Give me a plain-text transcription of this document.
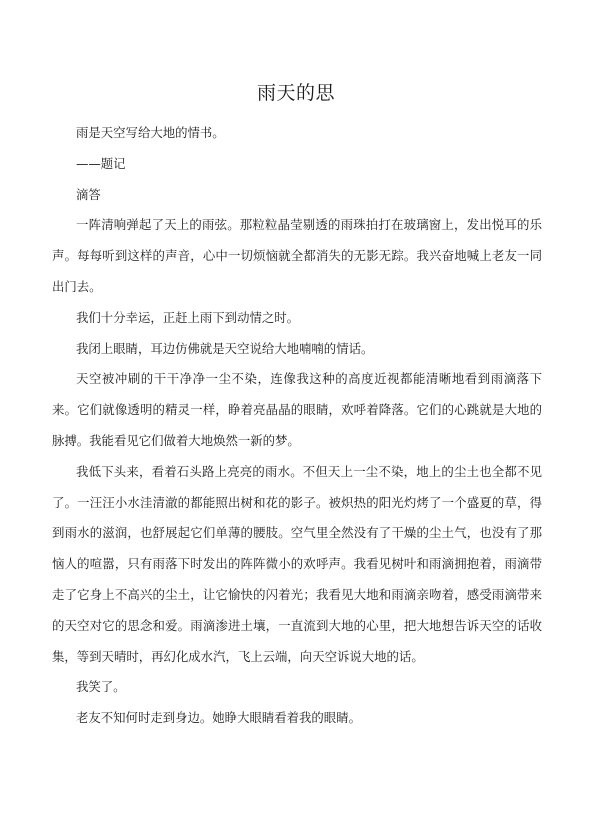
雨天的思

雨是天空写给大地的情书。

——题记

滴答

一阵清响弹起了天上的雨弦。那粒粒晶莹剔透的雨珠拍打在玻璃窗上，发出悦耳的乐声。每每听到这样的声音，心中一切烦恼就全都消失的无影无踪。我兴奋地喊上老友一同出门去。

我们十分幸运，正赶上雨下到动情之时。

我闭上眼睛，耳边仿佛就是天空说给大地喃喃的情话。

天空被冲刷的干干净净一尘不染，连像我这种的高度近视都能清晰地看到雨滴落下来。它们就像透明的精灵一样，睁着亮晶晶的眼睛，欢呼着降落。它们的心跳就是大地的脉搏。我能看见它们做着大地焕然一新的梦。

我低下头来，看着石头路上亮亮的雨水。不但天上一尘不染，地上的尘土也全都不见了。一汪汪小水洼清澈的都能照出树和花的影子。被炽热的阳光灼烤了一个盛夏的草，得到雨水的滋润，也舒展起它们单薄的腰肢。空气里全然没有了干燥的尘土气，也没有了那恼人的喧嚣，只有雨落下时发出的阵阵微小的欢呼声。我看见树叶和雨滴拥抱着，雨滴带走了它身上不高兴的尘土，让它愉快的闪着光；我看见大地和雨滴亲吻着，感受雨滴带来的天空对它的思念和爱。雨滴渗进土壤，一直流到大地的心里，把大地想告诉天空的话收集，等到天晴时，再幻化成水汽，飞上云端，向天空诉说大地的话。

我笑了。

老友不知何时走到身边。她睁大眼睛看着我的眼睛。
